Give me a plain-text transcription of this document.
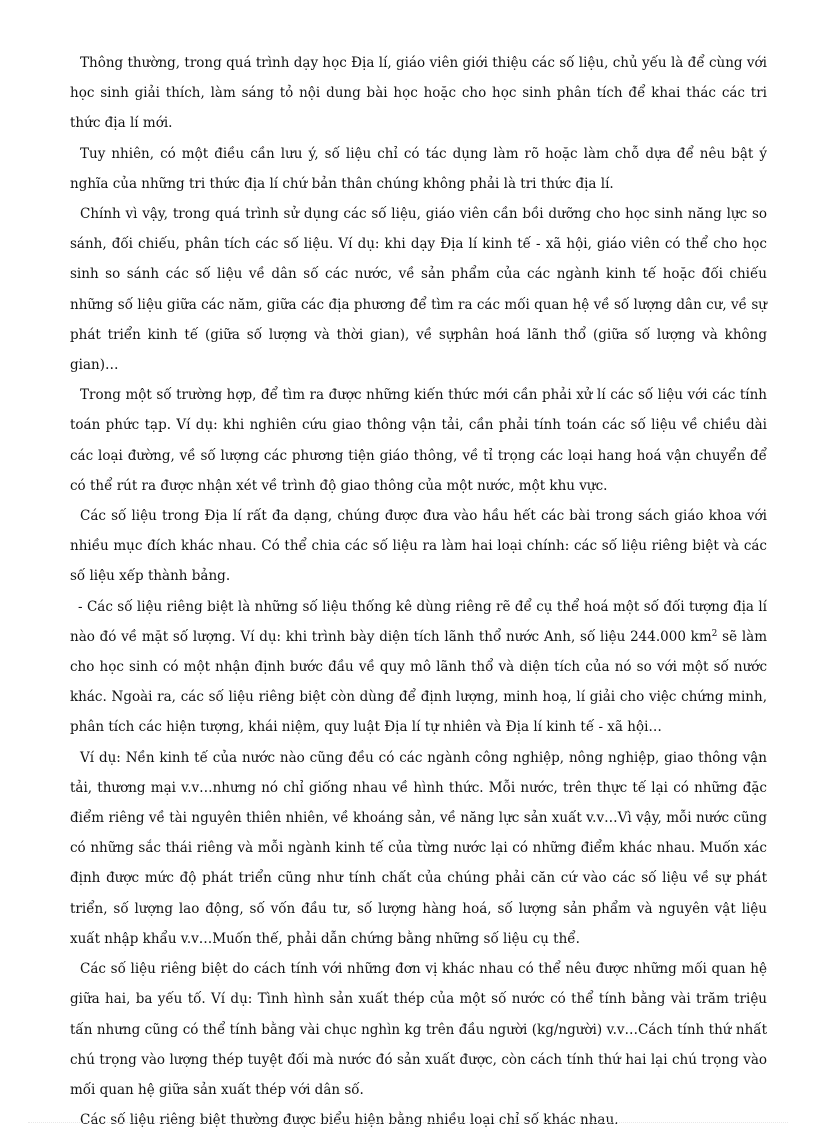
Thông thường, trong quá trình dạy học Địa lí, giáo viên giới thiệu các số liệu, chủ yếu là để cùng với học sinh giải thích, làm sáng tỏ nội dung bài học hoặc cho học sinh phân tích để khai thác các tri thức địa lí mới.

Tuy nhiên, có một điều cần lưu ý, số liệu chỉ có tác dụng làm rõ hoặc làm chỗ dựa để nêu bật ý nghĩa của những tri thức địa lí chứ bản thân chúng không phải là tri thức địa lí.

Chính vì vậy, trong quá trình sử dụng các số liệu, giáo viên cần bồi dưỡng cho học sinh năng lực so sánh, đối chiếu, phân tích các số liệu. Ví dụ: khi dạy Địa lí kinh tế - xã hội, giáo viên có thể cho học sinh so sánh các số liệu về dân số các nước, về sản phẩm của các ngành kinh tế hoặc đối chiếu những số liệu giữa các năm, giữa các địa phương để tìm ra các mối quan hệ về số lượng dân cư, về sự phát triển kinh tế (giữa số lượng và thời gian), về sựphân hoá lãnh thổ (giữa số lượng và không gian)…

Trong một số trường hợp, để tìm ra được những kiến thức mới cần phải xử lí các số liệu với các tính toán phức tạp. Ví dụ: khi nghiên cứu giao thông vận tải, cần phải tính toán các số liệu về chiều dài các loại đường, về số lượng các phương tiện giáo thông, về tỉ trọng các loại hang hoá vận chuyển để có thể rút ra được nhận xét về trình độ giao thông của một nước, một khu vực.

Các số liệu trong Địa lí rất đa dạng, chúng được đưa vào hầu hết các bài trong sách giáo khoa với nhiều mục đích khác nhau. Có thể chia các số liệu ra làm hai loại chính: các số liệu riêng biệt và các số liệu xếp thành bảng.

- Các số liệu riêng biệt là những số liệu thống kê dùng riêng rẽ để cụ thể hoá một số đối tượng địa lí nào đó về mặt số lượng. Ví dụ: khi trình bày diện tích lãnh thổ nước Anh, số liệu 244.000 $km^2$ sẽ làm cho học sinh có một nhận định bước đầu về quy mô lãnh thổ và diện tích của nó so với một số nước khác. Ngoài ra, các số liệu riêng biệt còn dùng để định lượng, minh hoạ, lí giải cho việc chứng minh, phân tích các hiện tượng, khái niệm, quy luật Địa lí tự nhiên và Địa lí kinh tế - xã hội…

Ví dụ: Nền kinh tế của nước nào cũng đều có các ngành công nghiệp, nông nghiệp, giao thông vận tải, thương mại v.v…nhưng nó chỉ giống nhau về hình thức. Mỗi nước, trên thực tế lại có những đặc điểm riêng về tài nguyên thiên nhiên, về khoáng sản, về năng lực sản xuất v.v…Vì vậy, mỗi nước cũng có những sắc thái riêng và mỗi ngành kinh tế của từng nước lại có những điểm khác nhau. Muốn xác định được mức độ phát triển cũng như tính chất của chúng phải căn cứ vào các số liệu về sự phát triển, số lượng lao động, số vốn đầu tư, số lượng hàng hoá, số lượng sản phẩm và nguyên vật liệu xuất nhập khẩu v.v…Muốn thế, phải dẫn chứng bằng những số liệu cụ thể.

Các số liệu riêng biệt do cách tính với những đơn vị khác nhau có thể nêu được những mối quan hệ giữa hai, ba yếu tố. Ví dụ: Tình hình sản xuất thép của một số nước có thể tính bằng vài trăm triệu tấn nhưng cũng có thể tính bằng vài chục nghìn kg trên đầu người (kg/người) v.v…Cách tính thứ nhất chú trọng vào lượng thép tuyệt đối mà nước đó sản xuất được, còn cách tính thứ hai lại chú trọng vào mối quan hệ giữa sản xuất thép với dân số.

Các số liệu riêng biệt thường được biểu hiện bằng nhiều loại chỉ số khác nhau.
